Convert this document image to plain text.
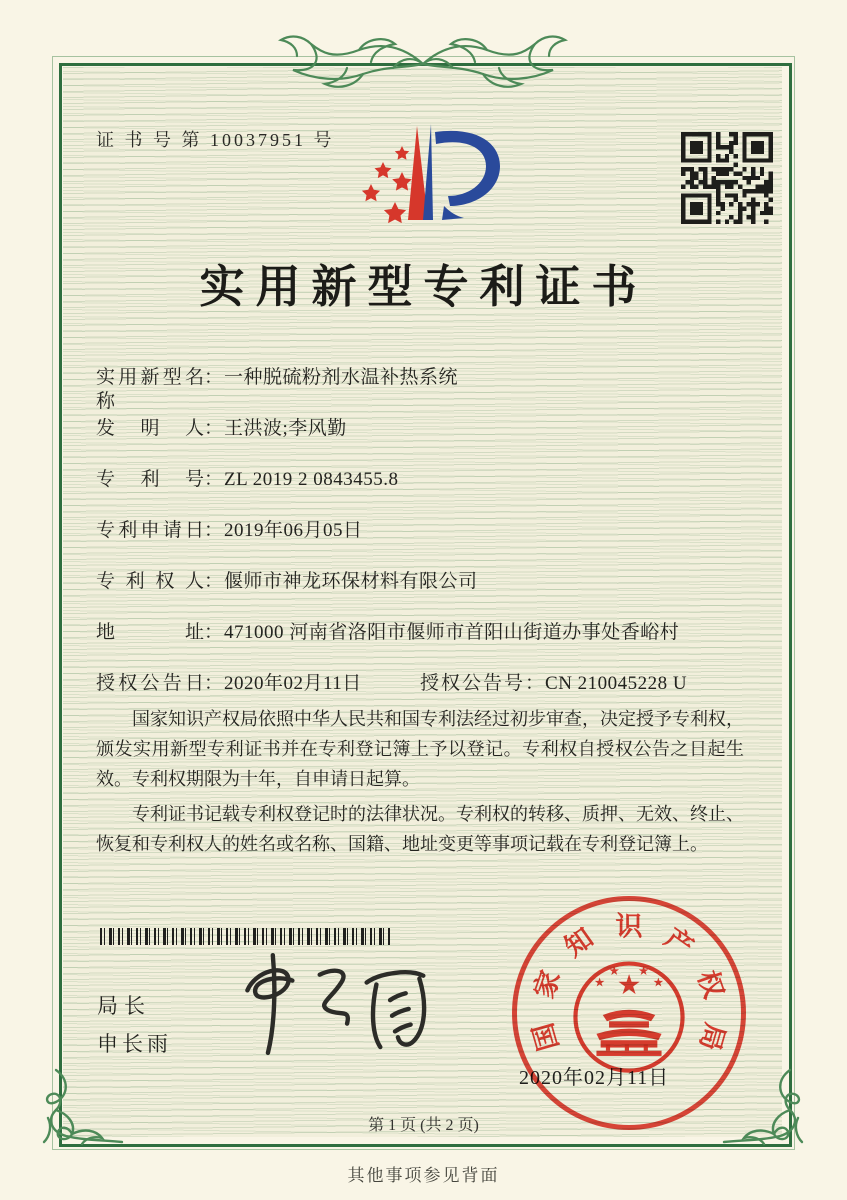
证 书 号 第 10037951 号
实用新型专利证书
实用新型名称：一种脱硫粉剂水温补热系统
发明人：王洪波;李风勤
专利号：ZL 2019 2 0843455.8
专利申请日：2019年06月05日
专利权人：偃师市神龙环保材料有限公司
地址：471000 河南省洛阳市偃师市首阳山街道办事处香峪村
授权公告日：2020年02月11日	授权公告号：CN 210045228 U

国家知识产权局依照中华人民共和国专利法经过初步审查，决定授予专利权，颁发实用新型专利证书并在专利登记簿上予以登记。专利权自授权公告之日起生效。专利权期限为十年，自申请日起算。

专利证书记载专利权登记时的法律状况。专利权的转移、质押、无效、终止、恢复和专利权人的姓名或名称、国籍、地址变更等事项记载在专利登记簿上。

局长
申长雨
2020年02月11日
国
家
知 识 产
权
局
★
★
★ ★
★
第 1 页 (共 2 页)
其他事项参见背面
